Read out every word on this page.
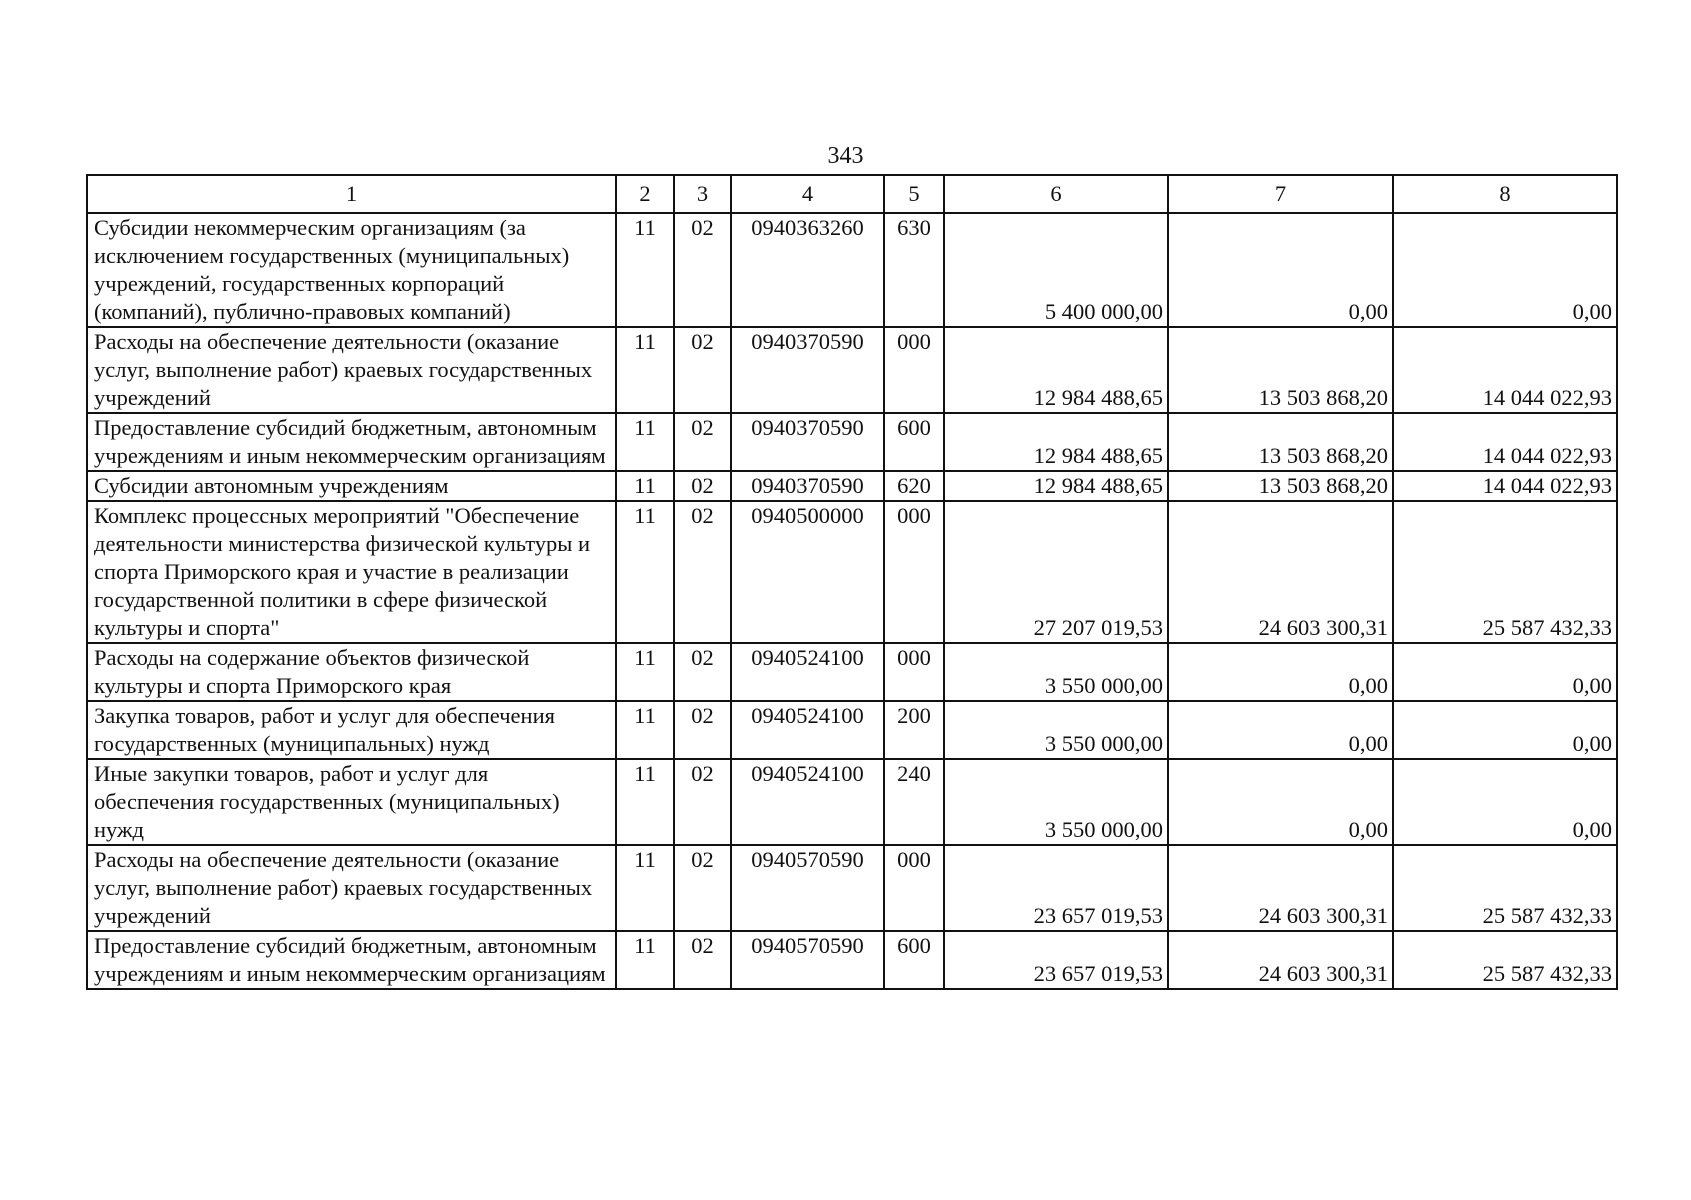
343
1	2	3	4	5	6	7	8
Субсидии некоммерческим организациям (за исключением государственных (муниципальных) учреждений, государственных корпораций (компаний), публично-правовых компаний)	11	02	0940363260	630	5 400 000,00	0,00	0,00
Расходы на обеспечение деятельности (оказание услуг, выполнение работ) краевых государственных учреждений	11	02	0940370590	000	12 984 488,65	13 503 868,20	14 044 022,93
Предоставление субсидий бюджетным, автономным учреждениям и иным некоммерческим организациям	11	02	0940370590	600	12 984 488,65	13 503 868,20	14 044 022,93
Субсидии автономным учреждениям	11	02	0940370590	620	12 984 488,65	13 503 868,20	14 044 022,93
Комплекс процессных мероприятий "Обеспечение деятельности министерства физической культуры и спорта Приморского края и участие в реализации государственной политики в сфере физической культуры и спорта"	11	02	0940500000	000	27 207 019,53	24 603 300,31	25 587 432,33
Расходы на содержание объектов физической культуры и спорта Приморского края	11	02	0940524100	000	3 550 000,00	0,00	0,00
Закупка товаров, работ и услуг для обеспечения государственных (муниципальных) нужд	11	02	0940524100	200	3 550 000,00	0,00	0,00
Иные закупки товаров, работ и услуг для обеспечения государственных (муниципальных) нужд	11	02	0940524100	240	3 550 000,00	0,00	0,00
Расходы на обеспечение деятельности (оказание услуг, выполнение работ) краевых государственных учреждений	11	02	0940570590	000	23 657 019,53	24 603 300,31	25 587 432,33
Предоставление субсидий бюджетным, автономным учреждениям и иным некоммерческим организациям	11	02	0940570590	600	23 657 019,53	24 603 300,31	25 587 432,33
